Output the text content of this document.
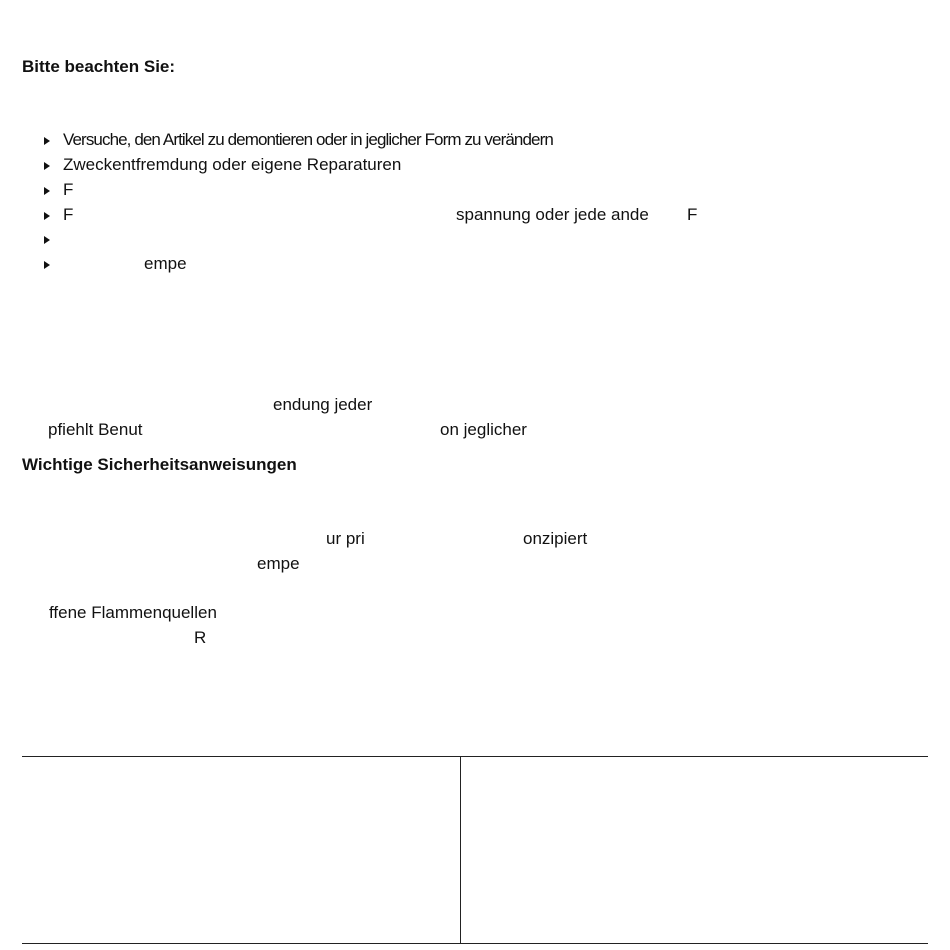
Bitte beachten Sie:
Versuche, den Artikel zu demontieren oder in jeglicher Form zu verändern
Zweckentfremdung oder eigene Reparaturen
F
F	spannung oder jede ande F
empe
endung jeder
pfiehlt Benut	on jeglicher
Wichtige Sicherheitsanweisungen
ur pri	onzipiert
empe
ffene Flammenquellen
R
